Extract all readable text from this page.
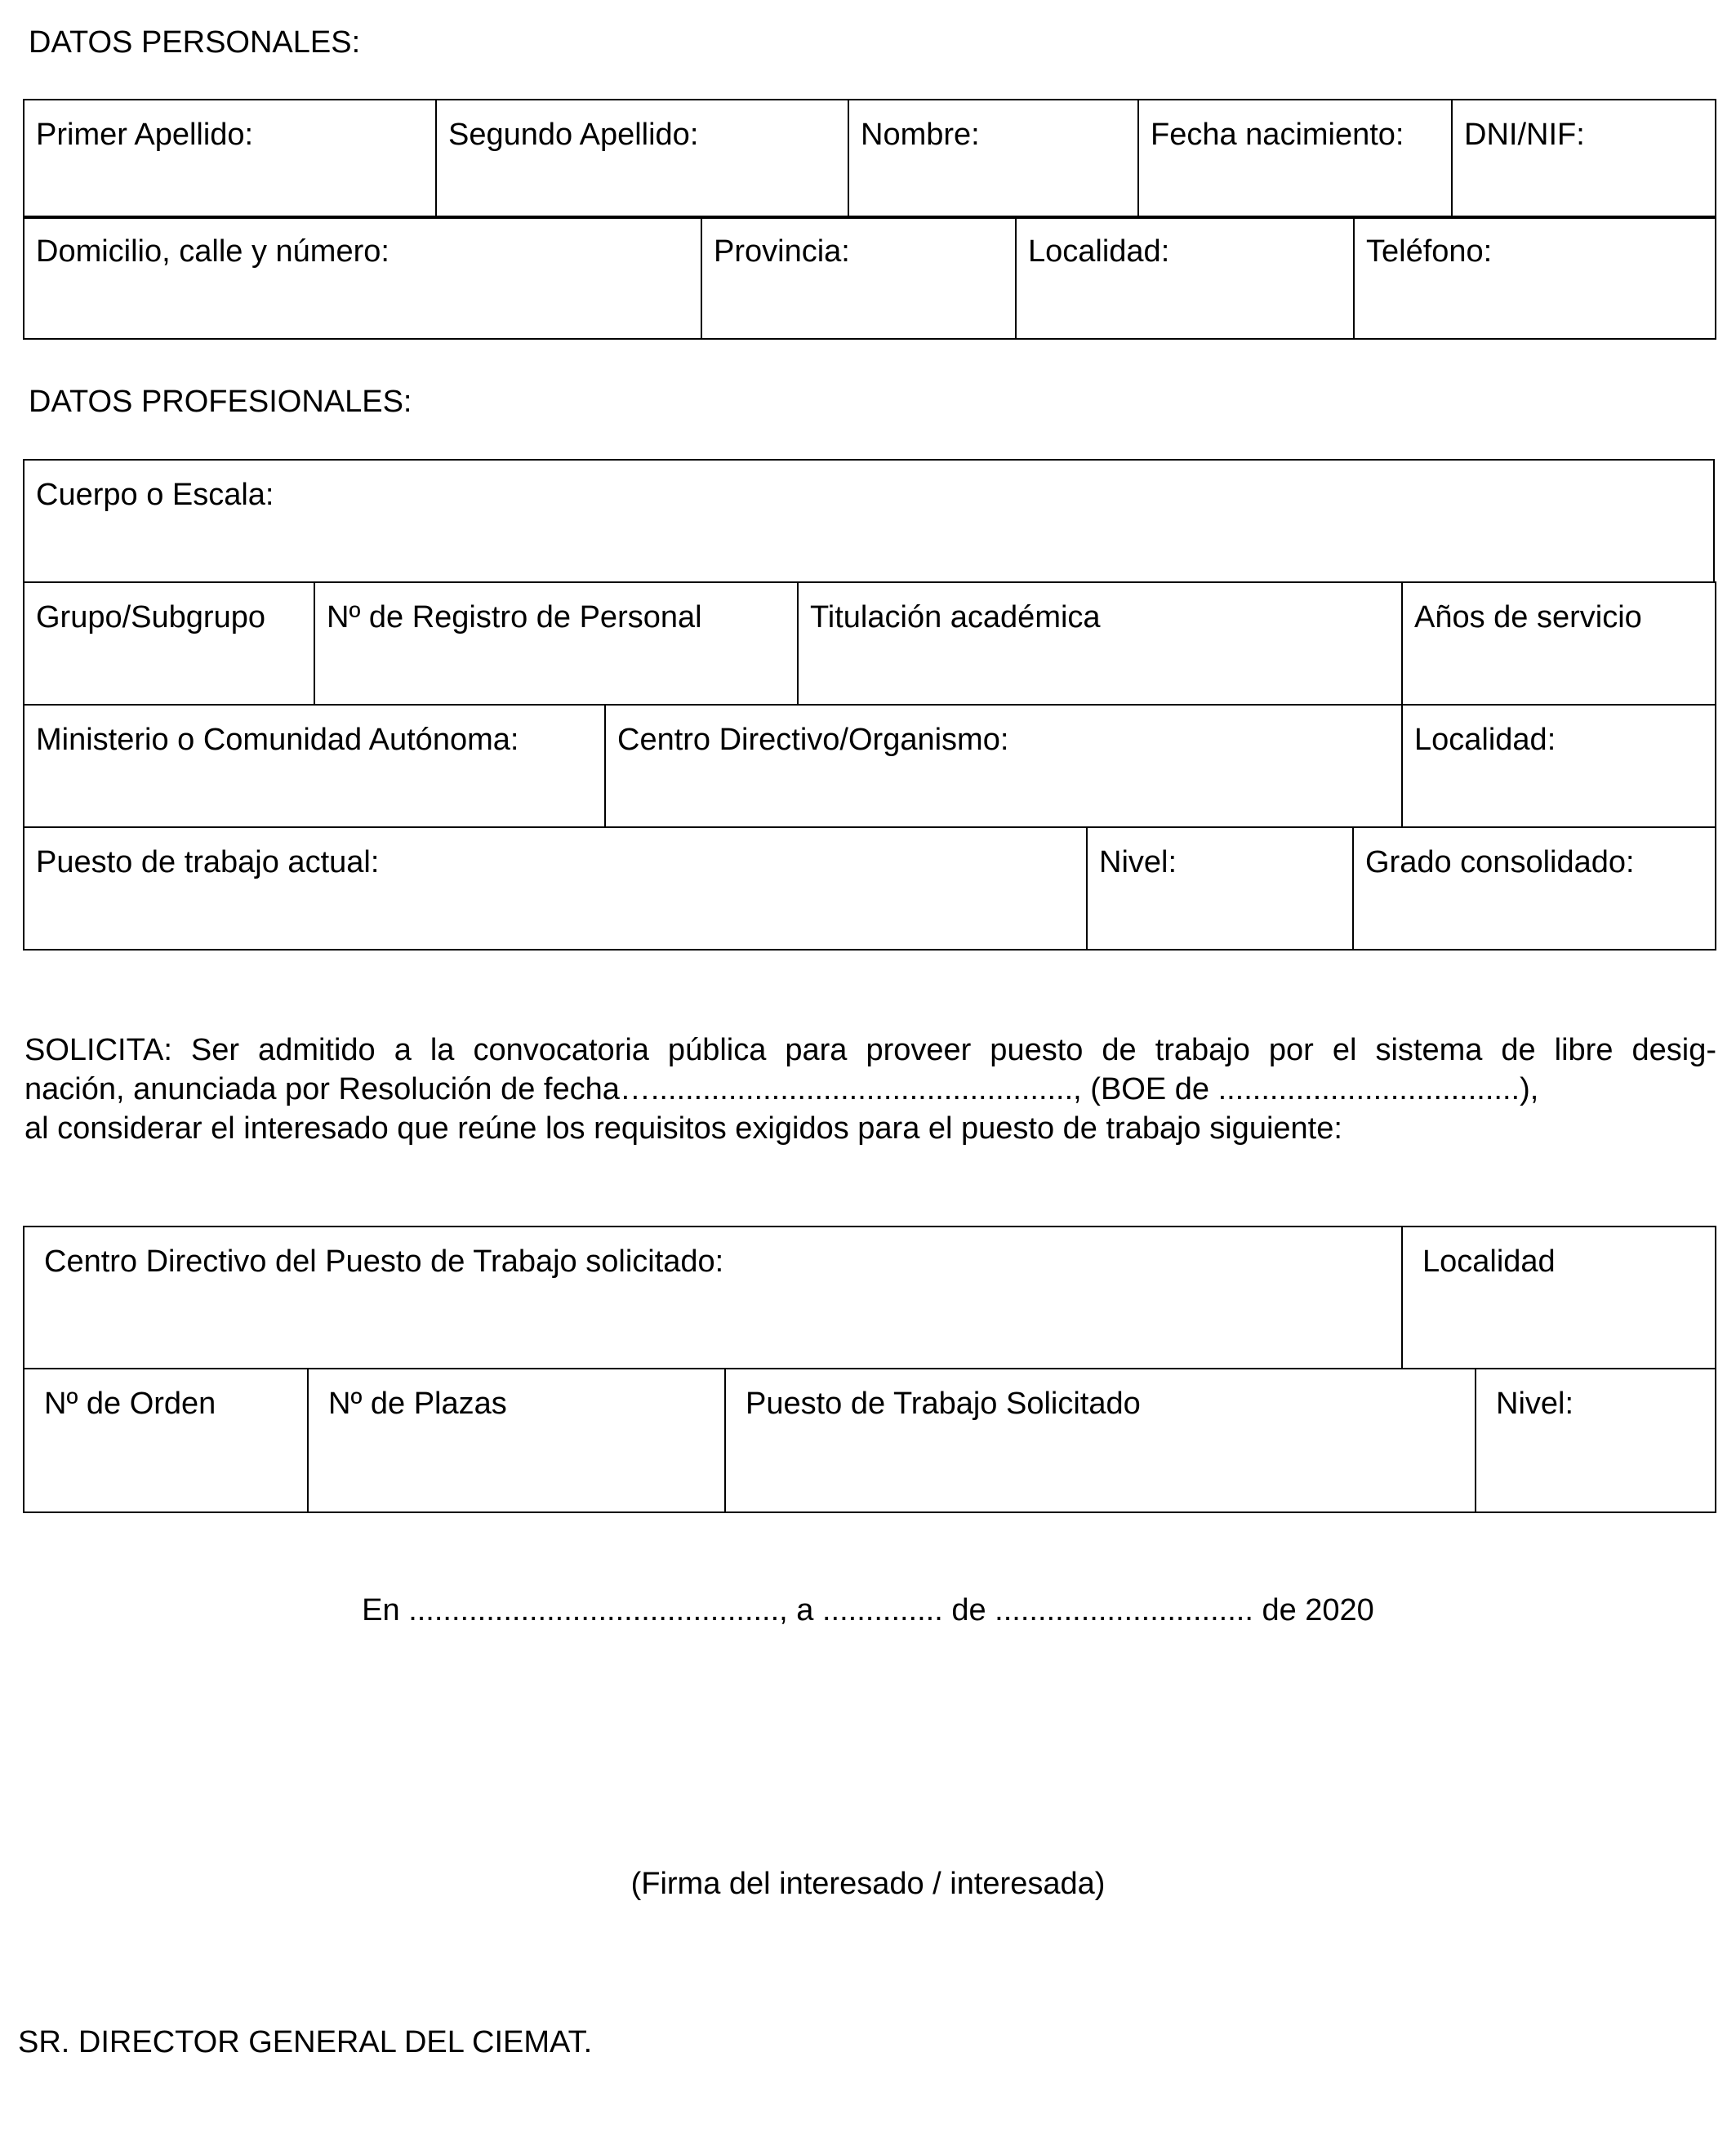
DATOS PERSONALES:
Primer Apellido:	Segundo Apellido:	Nombre:	Fecha nacimiento:	DNI/NIF:
Domicilio, calle y número:	Provincia:	Localidad:	Teléfono:
DATOS PROFESIONALES:
Cuerpo o Escala:
Grupo/Subgrupo	Nº de Registro de Personal	Titulación académica	Años de servicio
Ministerio o Comunidad Autónoma:	Centro Directivo/Organismo:	Localidad:
Puesto de trabajo actual:	Nivel:	Grado consolidado:
SOLICITA: Ser admitido a la convocatoria pública para proveer puesto de trabajo por el sistema de libre desig-
nación, anunciada por Resolución de fecha…................................................., (BOE de ...................................),
al considerar el interesado que reúne los requisitos exigidos para el puesto de trabajo siguiente:
Centro Directivo del Puesto de Trabajo solicitado:	Localidad
Nº de Orden	Nº de Plazas	Puesto de Trabajo Solicitado	Nivel:
En ..........................................., a .............. de .............................. de 2020
(Firma del interesado / interesada)
SR. DIRECTOR GENERAL DEL CIEMAT.
